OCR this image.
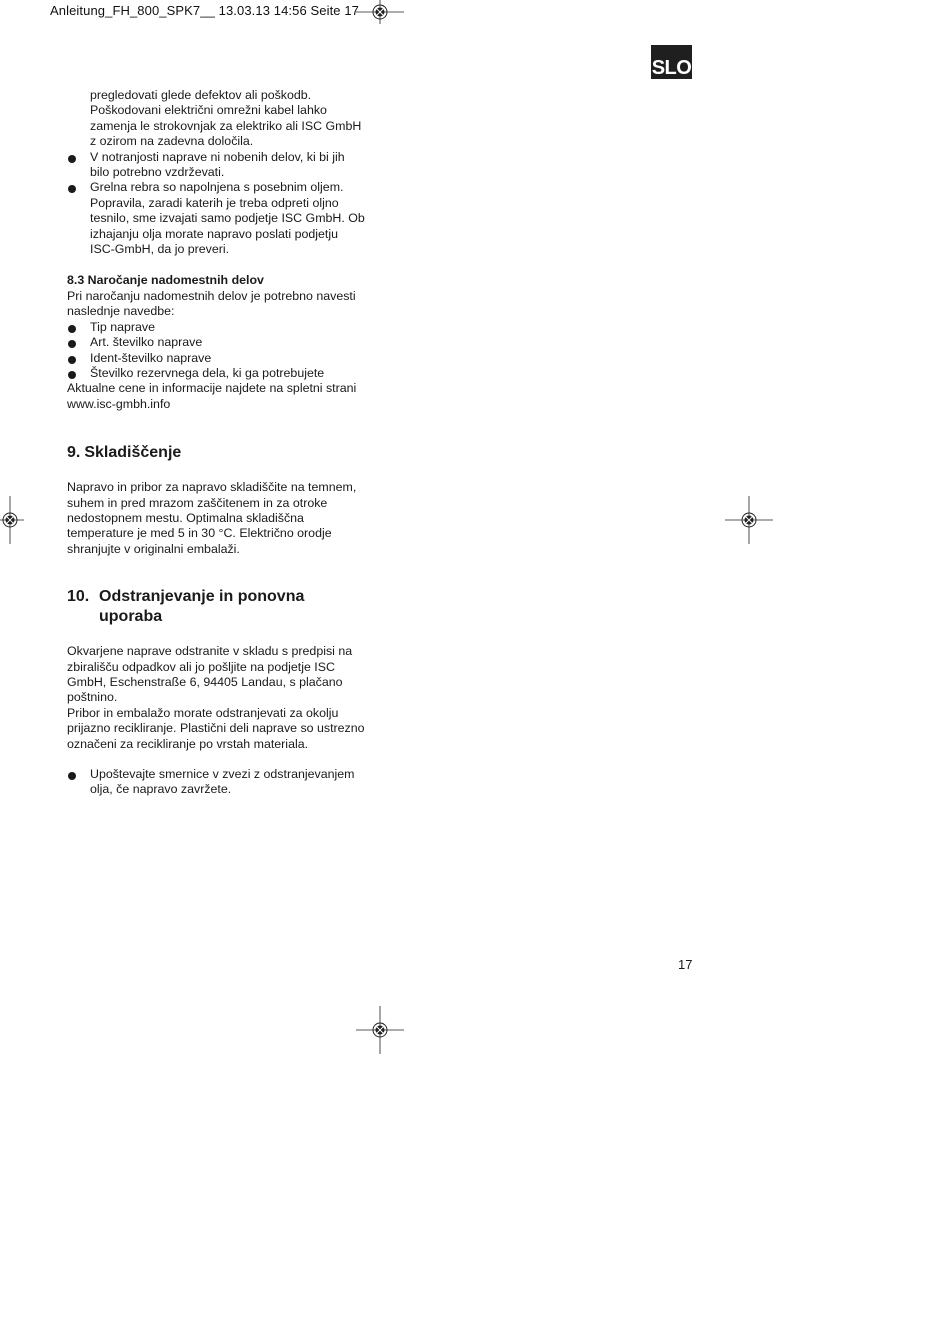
Anleitung_FH_800_SPK7__ 13.03.13 14:56 Seite 17
SLO

pregledovati glede defektov ali poškodb.

Poškodovani električni omrežni kabel lahko

zamenja le strokovnjak za elektriko ali ISC GmbH

z ozirom na zadevna določila.

V notranjosti naprave ni nobenih delov, ki bi jih

bilo potrebno vzdrževati.

Grelna rebra so napolnjena s posebnim oljem.

Popravila, zaradi katerih je treba odpreti oljno

tesnilo, sme izvajati samo podjetje ISC GmbH. Ob

izhajanju olja morate napravo poslati podjetju

ISC-GmbH, da jo preveri.

8.3 Naročanje nadomestnih delov

Pri naročanju nadomestnih delov je potrebno navesti

naslednje navedbe:

Tip naprave

Art. številko naprave

Ident-številko naprave

Številko rezervnega dela, ki ga potrebujete

Aktualne cene in informacije najdete na spletni strani

www.isc-gmbh.info

9. Skladiščenje

Napravo in pribor za napravo skladiščite na temnem,

suhem in pred mrazom zaščitenem in za otroke

nedostopnem mestu. Optimalna skladiščna

temperature je med 5 in 30 °C. Električno orodje

shranjujte v originalni embalaži.

10. Odstranjevanje in ponovna
uporaba

Okvarjene naprave odstranite v skladu s predpisi na

zbirališču odpadkov ali jo pošljite na podjetje ISC

GmbH, Eschenstraße 6, 94405 Landau, s plačano

poštnino.

Pribor in embalažo morate odstranjevati za okolju

prijazno recikliranje. Plastični deli naprave so ustrezno

označeni za recikliranje po vrstah materiala.

Upoštevajte smernice v zvezi z odstranjevanjem

olja, če napravo zavržete.

17
